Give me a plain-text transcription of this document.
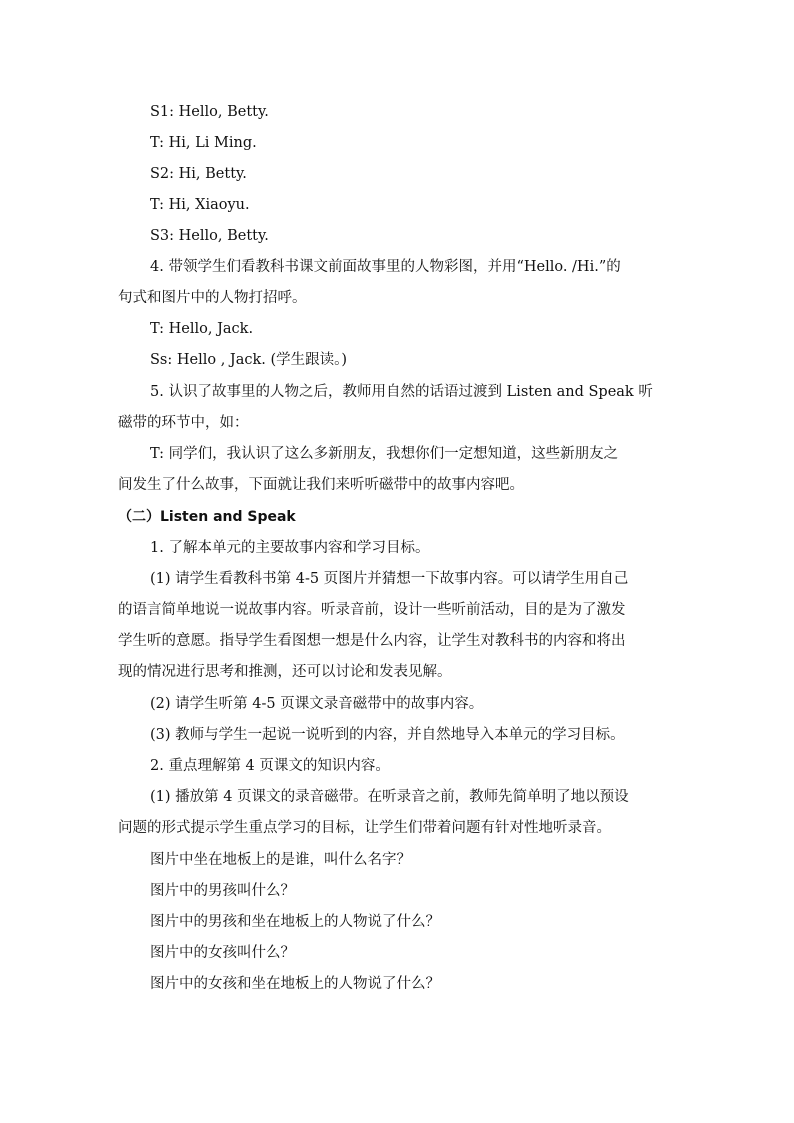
S1: Hello, Betty.
T: Hi, Li Ming.
S2: Hi, Betty.
T: Hi, Xiaoyu.
S3: Hello, Betty.
4. 带领学生们看教科书课文前面故事里的人物彩图，并用“Hello. /Hi.”的
句式和图片中的人物打招呼。
T: Hello, Jack.
Ss: Hello , Jack. (学生跟读。)
5. 认识了故事里的人物之后，教师用自然的话语过渡到 Listen and Speak 听
磁带的环节中，如：
T: 同学们，我认识了这么多新朋友，我想你们一定想知道，这些新朋友之
间发生了什么故事，下面就让我们来听听磁带中的故事内容吧。
（二）Listen and Speak
1. 了解本单元的主要故事内容和学习目标。
(1) 请学生看教科书第 4-5 页图片并猜想一下故事内容。可以请学生用自己
的语言简单地说一说故事内容。听录音前，设计一些听前活动，目的是为了激发
学生听的意愿。指导学生看图想一想是什么内容，让学生对教科书的内容和将出
现的情况进行思考和推测，还可以讨论和发表见解。
(2) 请学生听第 4-5 页课文录音磁带中的故事内容。
(3) 教师与学生一起说一说听到的内容，并自然地导入本单元的学习目标。
2. 重点理解第 4 页课文的知识内容。
(1) 播放第 4 页课文的录音磁带。在听录音之前，教师先简单明了地以预设
问题的形式提示学生重点学习的目标，让学生们带着问题有针对性地听录音。
图片中坐在地板上的是谁，叫什么名字？
图片中的男孩叫什么？
图片中的男孩和坐在地板上的人物说了什么？
图片中的女孩叫什么？
图片中的女孩和坐在地板上的人物说了什么？
